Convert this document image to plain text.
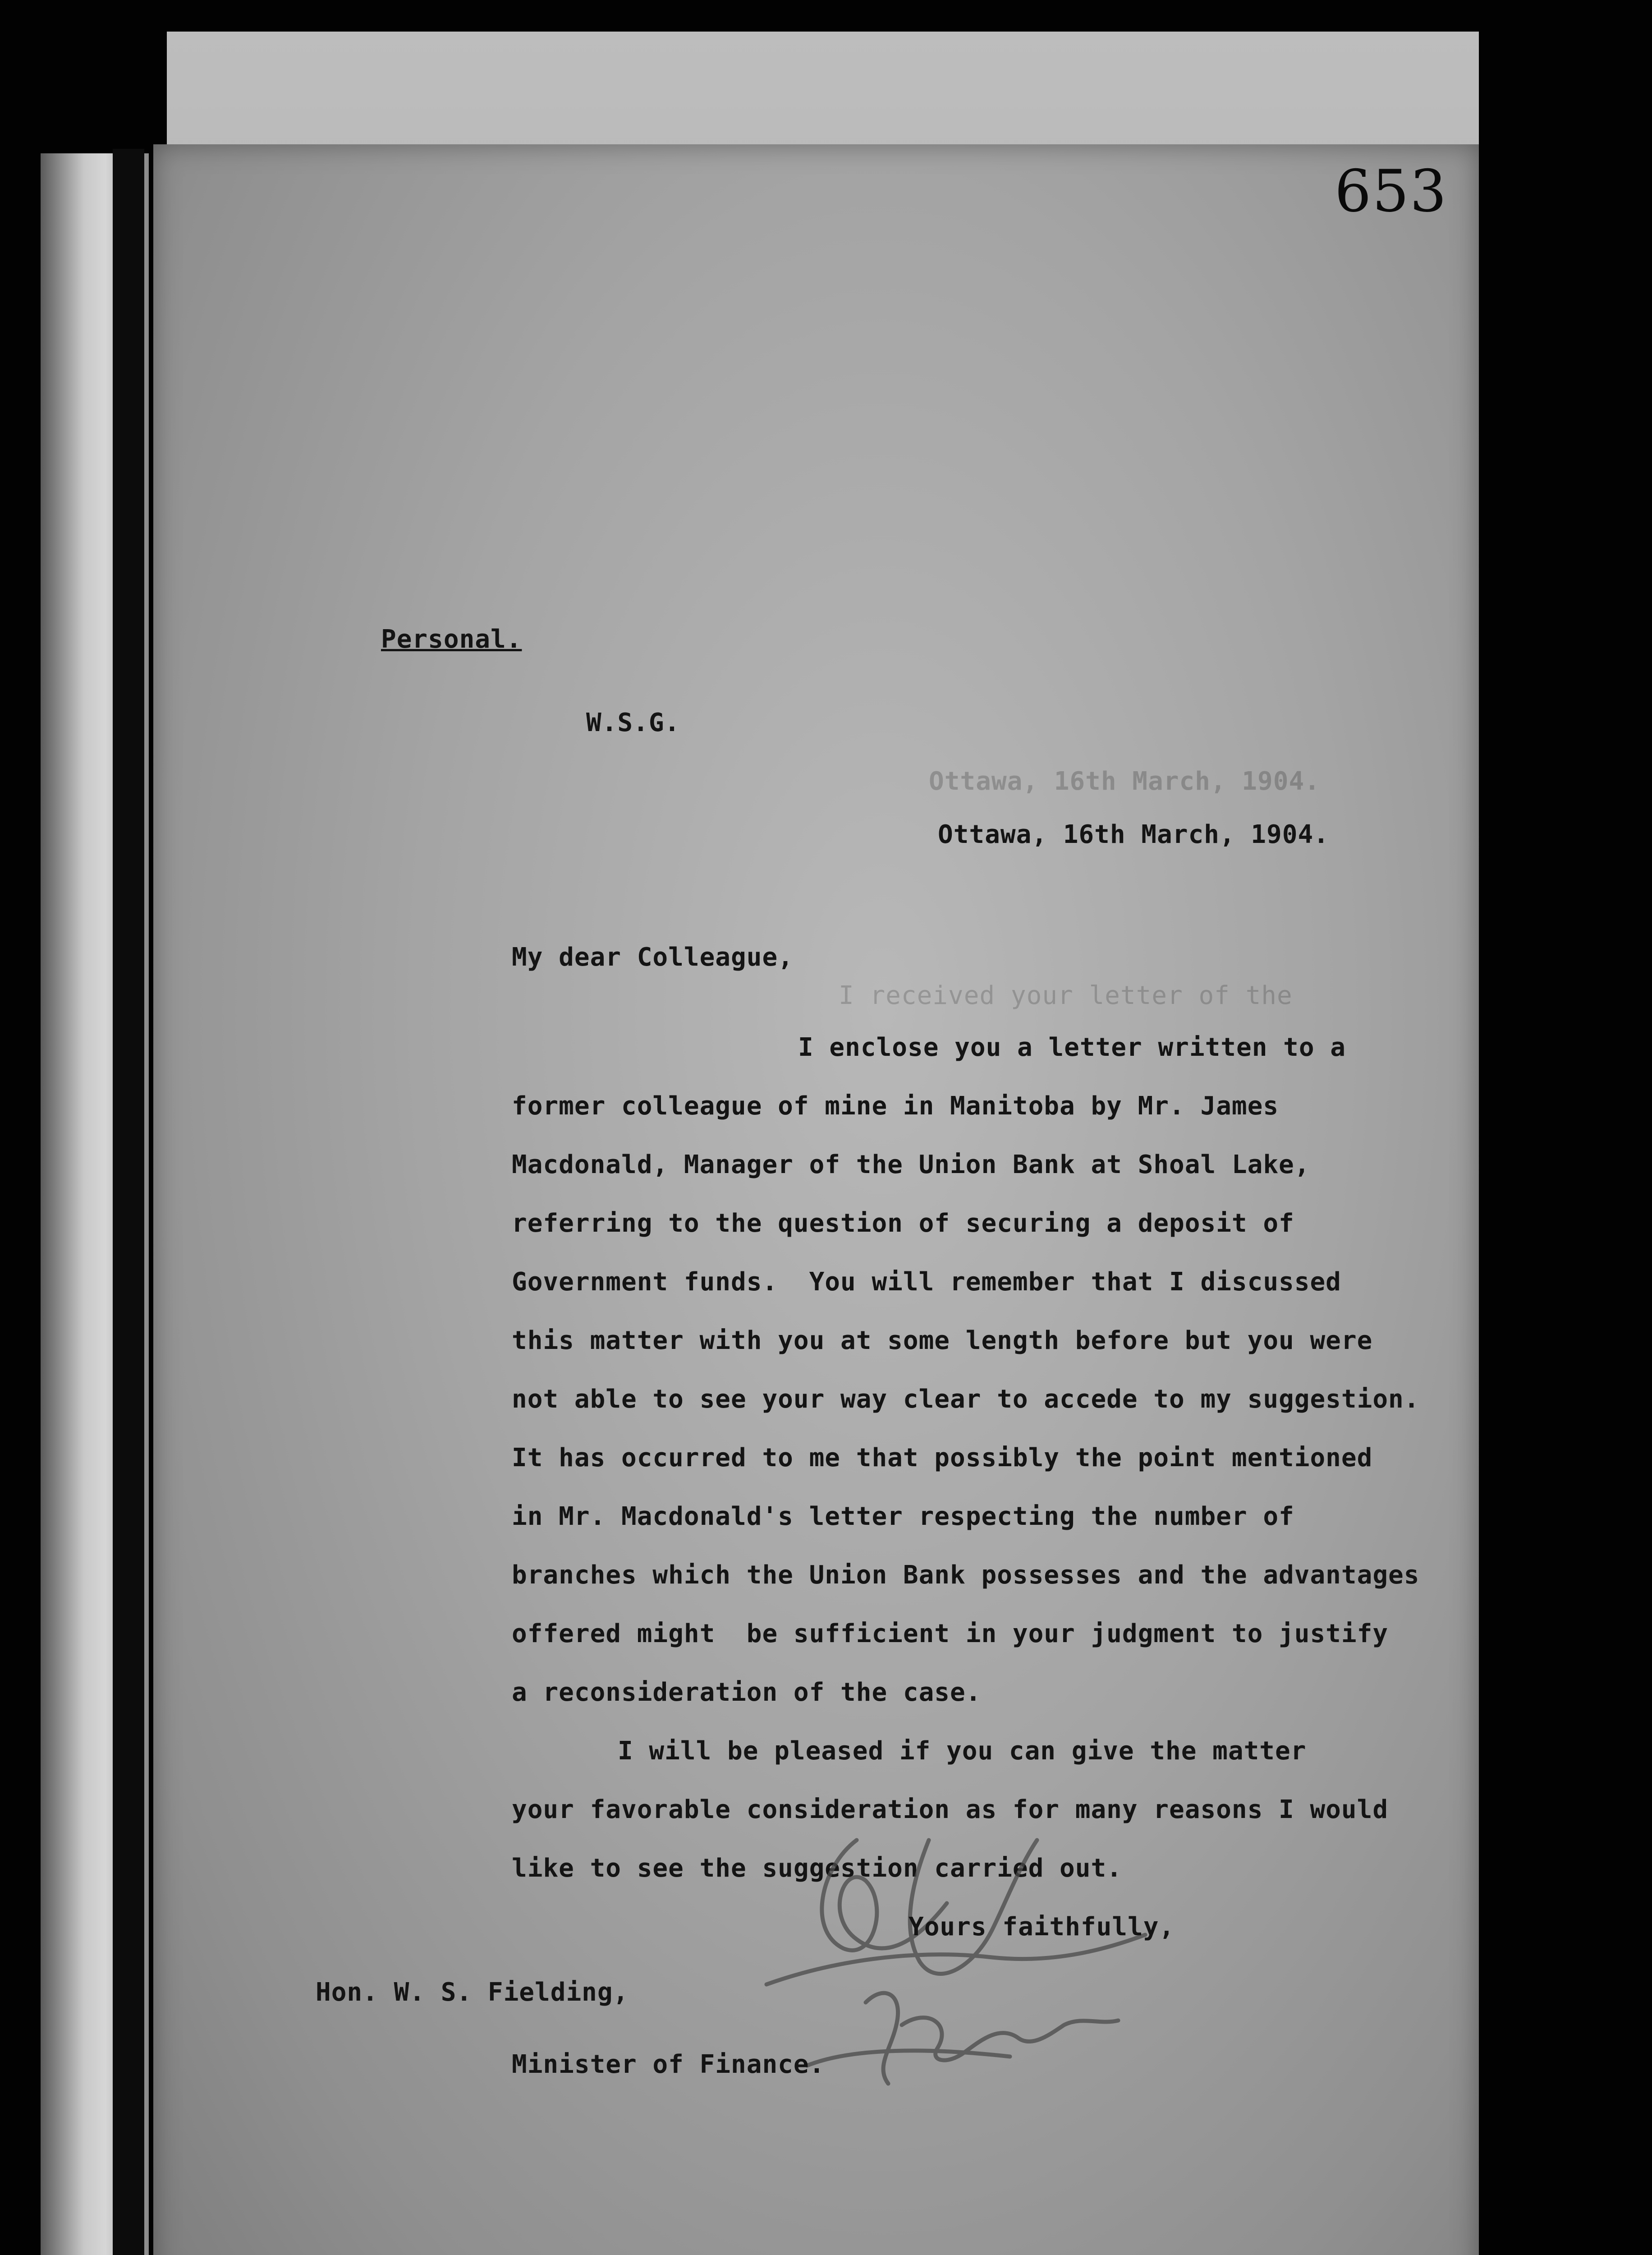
653
Personal.
W.S.G.
Ottawa, 16th March, 1904.
Ottawa, 16th March, 1904.
My dear Colleague,
I received your letter of the
I enclose you a letter written to a
former colleague of mine in Manitoba by Mr. James
Macdonald, Manager of the Union Bank at Shoal Lake,
referring to the question of securing a deposit of
Government funds.  You will remember that I discussed
this matter with you at some length before but you were
not able to see your way clear to accede to my suggestion.
It has occurred to me that possibly the point mentioned
in Mr. Macdonald's letter respecting the number of
branches which the Union Bank possesses and the advantages
offered might  be sufficient in your judgment to justify
a reconsideration of the case.
I will be pleased if you can give the matter
your favorable consideration as for many reasons I would
like to see the suggestion carried out.
Yours faithfully,
Hon. W. S. Fielding,
Minister of Finance.
